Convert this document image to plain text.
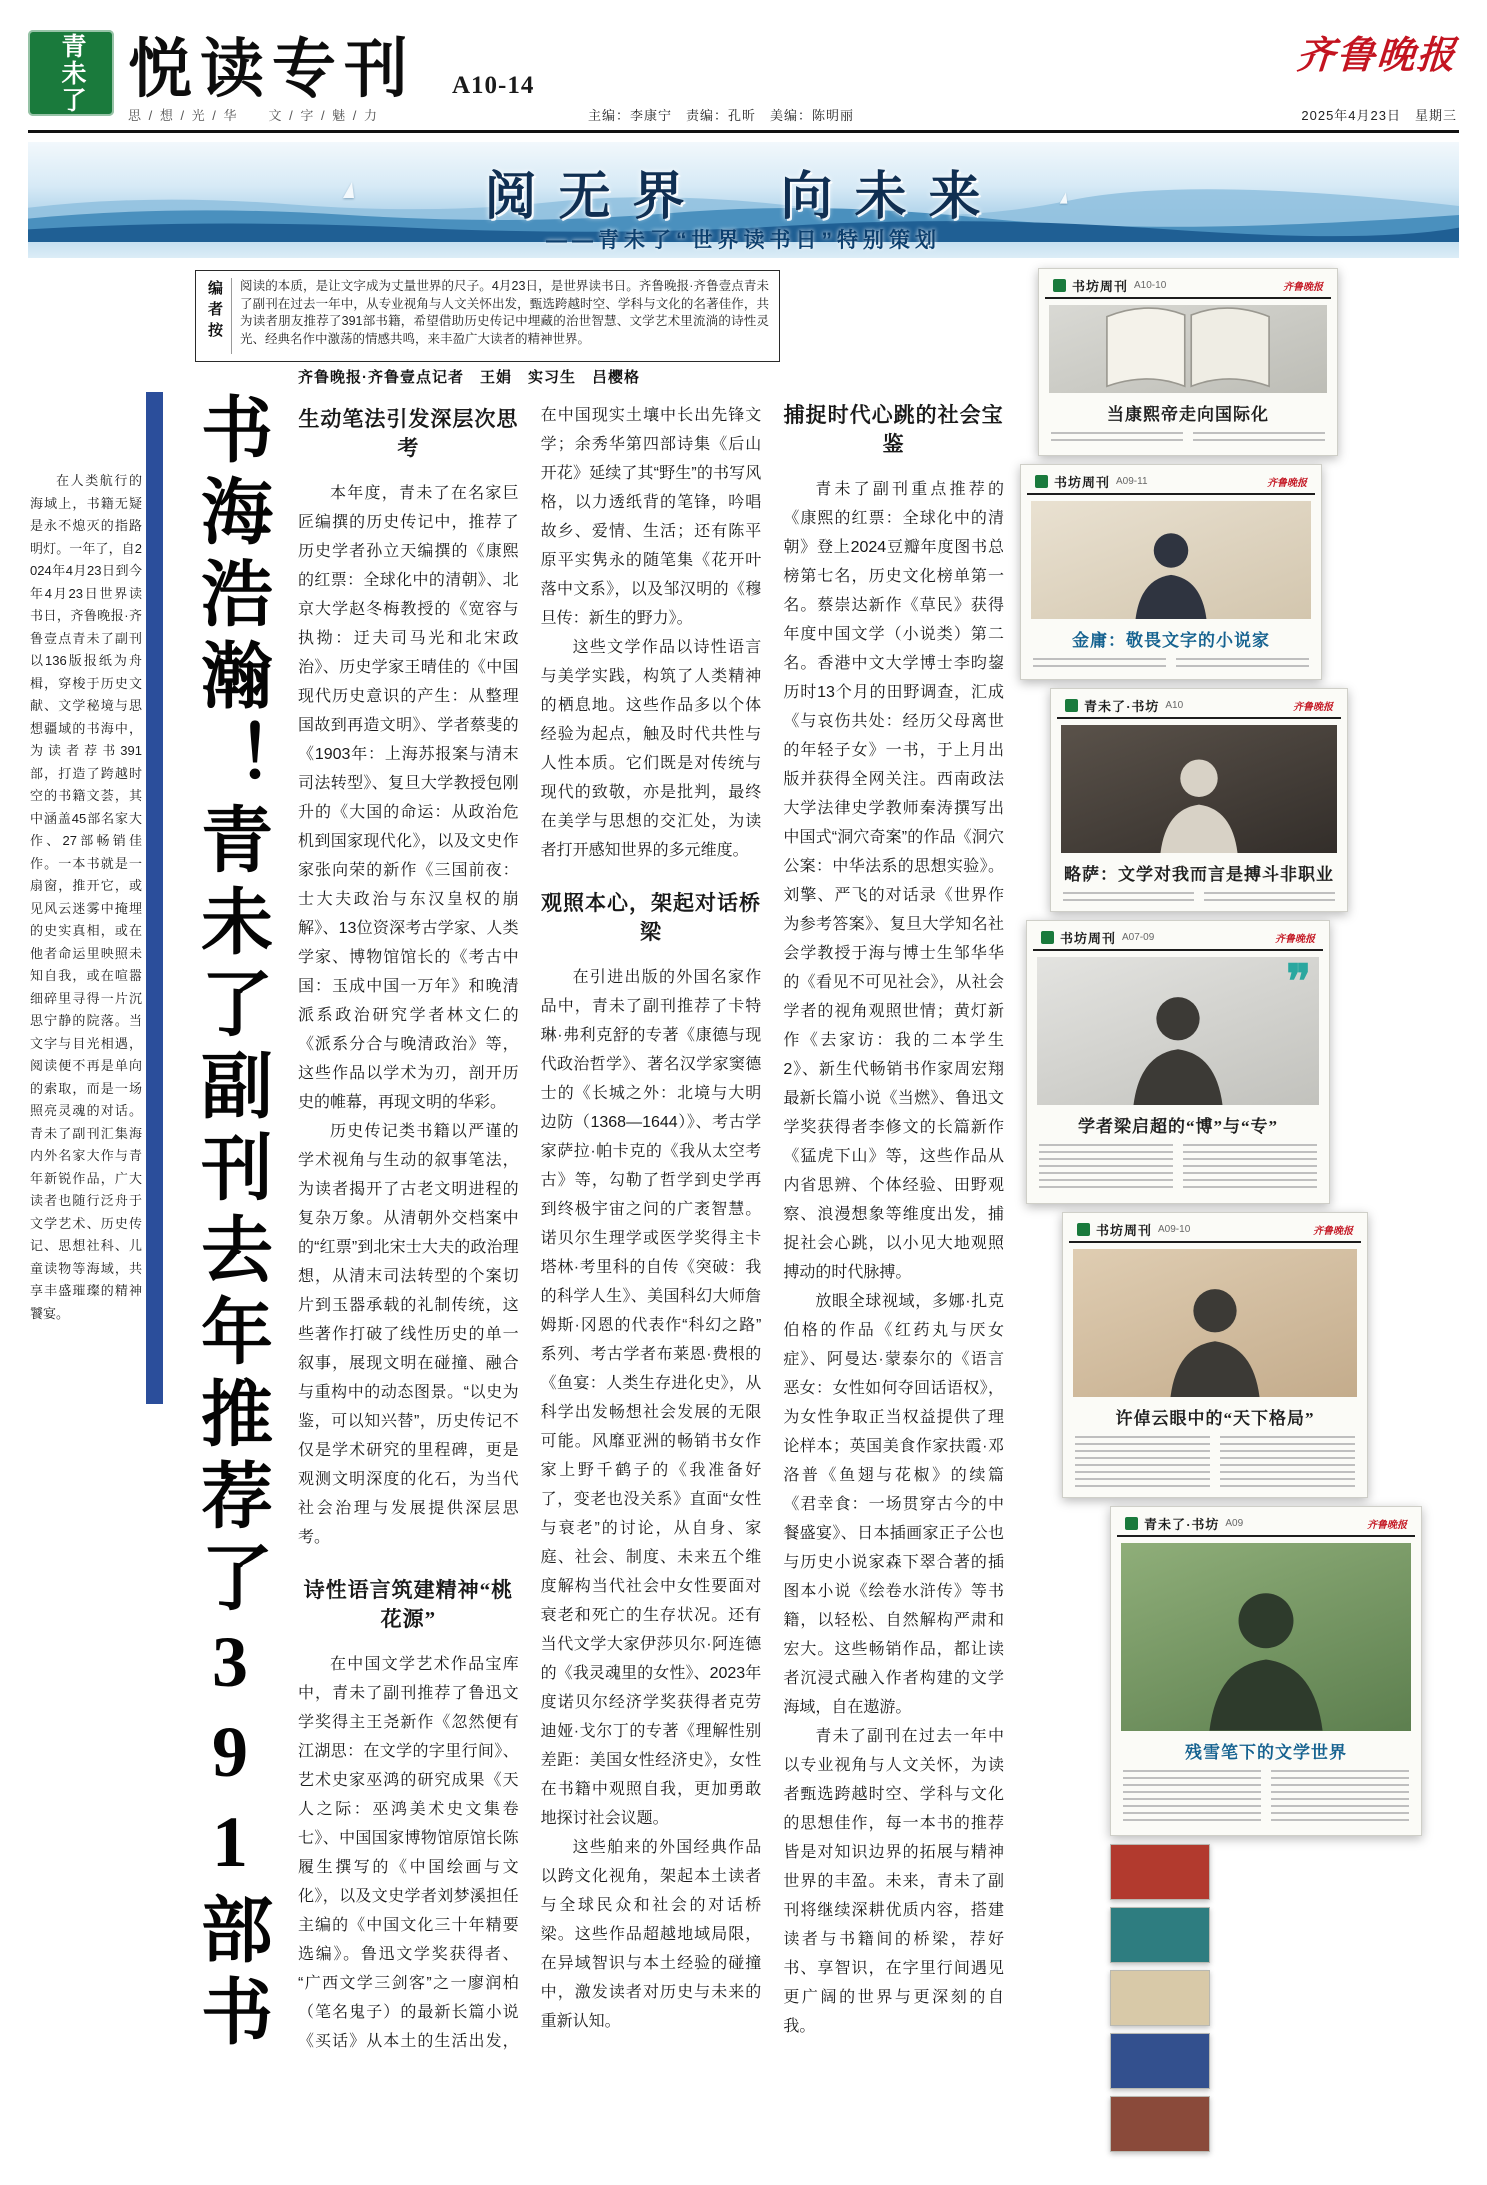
青未了 悦读专刊 A10-14
齐鲁晚报
思 / 想 / 光 / 华　　文 / 字 / 魅 / 力	主编：李康宁　责编：孔昕　美编：陈明丽	2025年4月23日　星期三
阅无界　向未来
——青未了“世界读书日”特别策划
编者按	阅读的本质，是让文字成为丈量世界的尺子。4月23日，是世界读书日。齐鲁晚报·齐鲁壹点青未了副刊在过去一年中，从专业视角与人文关怀出发，甄选跨越时空、学科与文化的名著佳作，共为读者朋友推荐了391部书籍，希望借助历史传记中埋藏的治世智慧、文学艺术里流淌的诗性灵光、经典名作中激荡的情感共鸣，来丰盈广大读者的精神世界。

在人类航行的海域上，书籍无疑是永不熄灭的指路明灯。一年了，自2024年4月23日到今年4月23日世界读书日，齐鲁晚报·齐鲁壹点青未了副刊以136版报纸为舟楫，穿梭于历史文献、文学秘境与思想疆域的书海中，为读者荐书391部，打造了跨越时空的书籍文荟，其中涵盖45部名家大作、27部畅销佳作。一本书就是一扇窗，推开它，或见风云迷雾中掩埋的史实真相，或在他者命运里映照未知自我，或在喧嚣细碎里寻得一片沉思宁静的院落。当文字与目光相遇，阅读便不再是单向的索取，而是一场照亮灵魂的对话。青未了副刊汇集海内外名家大作与青年新锐作品，广大读者也随行泛舟于文学艺术、历史传记、思想社科、儿童读物等海域，共享丰盛璀璨的精神饕宴。	书海浩瀚！青未了副刊去年推荐了391部书
齐鲁晚报·齐鲁壹点记者　王娟　实习生　吕樱格
生动笔法引发深层次思考

本年度，青未了在名家巨匠编撰的历史传记中，推荐了历史学者孙立天编撰的《康熙的红票：全球化中的清朝》、北京大学赵冬梅教授的《宽容与执拗：迂夫司马光和北宋政治》、历史学家王晴佳的《中国现代历史意识的产生：从整理国故到再造文明》、学者蔡斐的《1903年：上海苏报案与清末司法转型》、复旦大学教授包刚升的《大国的命运：从政治危机到国家现代化》，以及文史作家张向荣的新作《三国前夜：士大夫政治与东汉皇权的崩解》、13位资深考古学家、人类学家、博物馆馆长的《考古中国：玉成中国一万年》和晚清派系政治研究学者林文仁的《派系分合与晚清政治》等，这些作品以学术为刃，剖开历史的帷幕，再现文明的华彩。

历史传记类书籍以严谨的学术视角与生动的叙事笔法，为读者揭开了古老文明进程的复杂万象。从清朝外交档案中的“红票”到北宋士大夫的政治理想，从清末司法转型的个案切片到玉器承载的礼制传统，这些著作打破了线性历史的单一叙事，展现文明在碰撞、融合与重构中的动态图景。“以史为鉴，可以知兴替”，历史传记不仅是学术研究的里程碑，更是观测文明深度的化石，为当代社会治理与发展提供深层思考。

诗性语言筑建精神“桃花源”

在中国文学艺术作品宝库中，青未了副刊推荐了鲁迅文学奖得主王尧新作《忽然便有江湖思：在文学的字里行间》、艺术史家巫鸿的研究成果《天人之际：巫鸿美术史文集卷七》、中国国家博物馆原馆长陈履生撰写的《中国绘画与文化》，以及文史学者刘梦溪担任主编的《中国文化三十年精要选编》。鲁迅文学奖获得者、“广西文学三剑客”之一廖润柏（笔名鬼子）的最新长篇小说《买话》从本土的生活出发，在中国现实土壤中长出先锋文学；余秀华第四部诗集《后山开花》延续了其“野生”的书写风格，以力透纸背的笔锋，吟唱故乡、爱情、生活；还有陈平原平实隽永的随笔集《花开叶落中文系》，以及邹汉明的《穆旦传：新生的野力》。

这些文学作品以诗性语言与美学实践，构筑了人类精神的栖息地。这些作品多以个体经验为起点，触及时代共性与人性本质。它们既是对传统与现代的致敬，亦是批判，最终在美学与思想的交汇处，为读者打开感知世界的多元维度。

观照本心，架起对话桥梁

在引进出版的外国名家作品中，青未了副刊推荐了卡特琳·弗利克舒的专著《康德与现代政治哲学》、著名汉学家窦德士的《长城之外：北境与大明边防（1368—1644）》、考古学家萨拉·帕卡克的《我从太空考古》等，勾勒了哲学到史学再到终极宇宙之问的广袤智慧。诺贝尔生理学或医学奖得主卡塔林·考里科的自传《突破：我的科学人生》、美国科幻大师詹姆斯·冈恩的代表作“科幻之路”系列、考古学者布莱恩·费根的《鱼宴：人类生存进化史》，从科学出发畅想社会发展的无限可能。风靡亚洲的畅销书女作家上野千鹤子的《我准备好了，变老也没关系》直面“女性与衰老”的讨论，从自身、家庭、社会、制度、未来五个维度解构当代社会中女性要面对衰老和死亡的生存状况。还有当代文学大家伊莎贝尔·阿连德的《我灵魂里的女性》、2023年度诺贝尔经济学奖获得者克劳迪娅·戈尔丁的专著《理解性别差距：美国女性经济史》，女性在书籍中观照自我，更加勇敢地探讨社会议题。

这些舶来的外国经典作品以跨文化视角，架起本土读者与全球民众和社会的对话桥梁。这些作品超越地域局限，在异域智识与本土经验的碰撞中，激发读者对历史与未来的重新认知。

捕捉时代心跳的社会宝鉴

青未了副刊重点推荐的《康熙的红票：全球化中的清朝》登上2024豆瓣年度图书总榜第七名，历史文化榜单第一名。蔡崇达新作《草民》获得年度中国文学（小说类）第二名。香港中文大学博士李昀鋆历时13个月的田野调查，汇成《与哀伤共处：经历父母离世的年轻子女》一书，于上月出版并获得全网关注。西南政法大学法律史学教师秦涛撰写出中国式“洞穴奇案”的作品《洞穴公案：中华法系的思想实验》。刘擎、严飞的对话录《世界作为参考答案》、复旦大学知名社会学教授于海与博士生邹华华的《看见不可见社会》，从社会学者的视角观照世情；黄灯新作《去家访：我的二本学生2》、新生代畅销书作家周宏翔最新长篇小说《当燃》、鲁迅文学奖获得者李修文的长篇新作《猛虎下山》等，这些作品从内省思辨、个体经验、田野观察、浪漫想象等维度出发，捕捉社会心跳，以小见大地观照搏动的时代脉搏。

放眼全球视域，多娜·扎克伯格的作品《红药丸与厌女症》、阿曼达·蒙泰尔的《语言恶女：女性如何夺回话语权》，为女性争取正当权益提供了理论样本；英国美食作家扶霞·邓洛普《鱼翅与花椒》的续篇《君幸食：一场贯穿古今的中餐盛宴》、日本插画家正子公也与历史小说家森下翠合著的插图本小说《绘卷水浒传》等书籍，以轻松、自然解构严肃和宏大。这些畅销作品，都让读者沉浸式融入作者构建的文学海域，自在遨游。

青未了副刊在过去一年中以专业视角与人文关怀，为读者甄选跨越时空、学科与文化的思想佳作，每一本书的推荐皆是对知识边界的拓展与精神世界的丰盈。未来，青未了副刊将继续深耕优质内容，搭建读者与书籍间的桥梁，荐好书、享智识，在字里行间遇见更广阔的世界与更深刻的自我。

书坊周刊 A10-10	齐鲁晚报
当康熙帝走向国际化
书坊周刊 A09-11	齐鲁晚报
金庸：敬畏文字的小说家
青未了·书坊 A10	齐鲁晚报
略萨：文学对我而言是搏斗非职业
书坊周刊 A07-09	齐鲁晚报
❞
学者梁启超的“博”与“专”
书坊周刊 A09-10	齐鲁晚报
许倬云眼中的“天下格局”
青未了·书坊 A09	齐鲁晚报
残雪笔下的文学世界
